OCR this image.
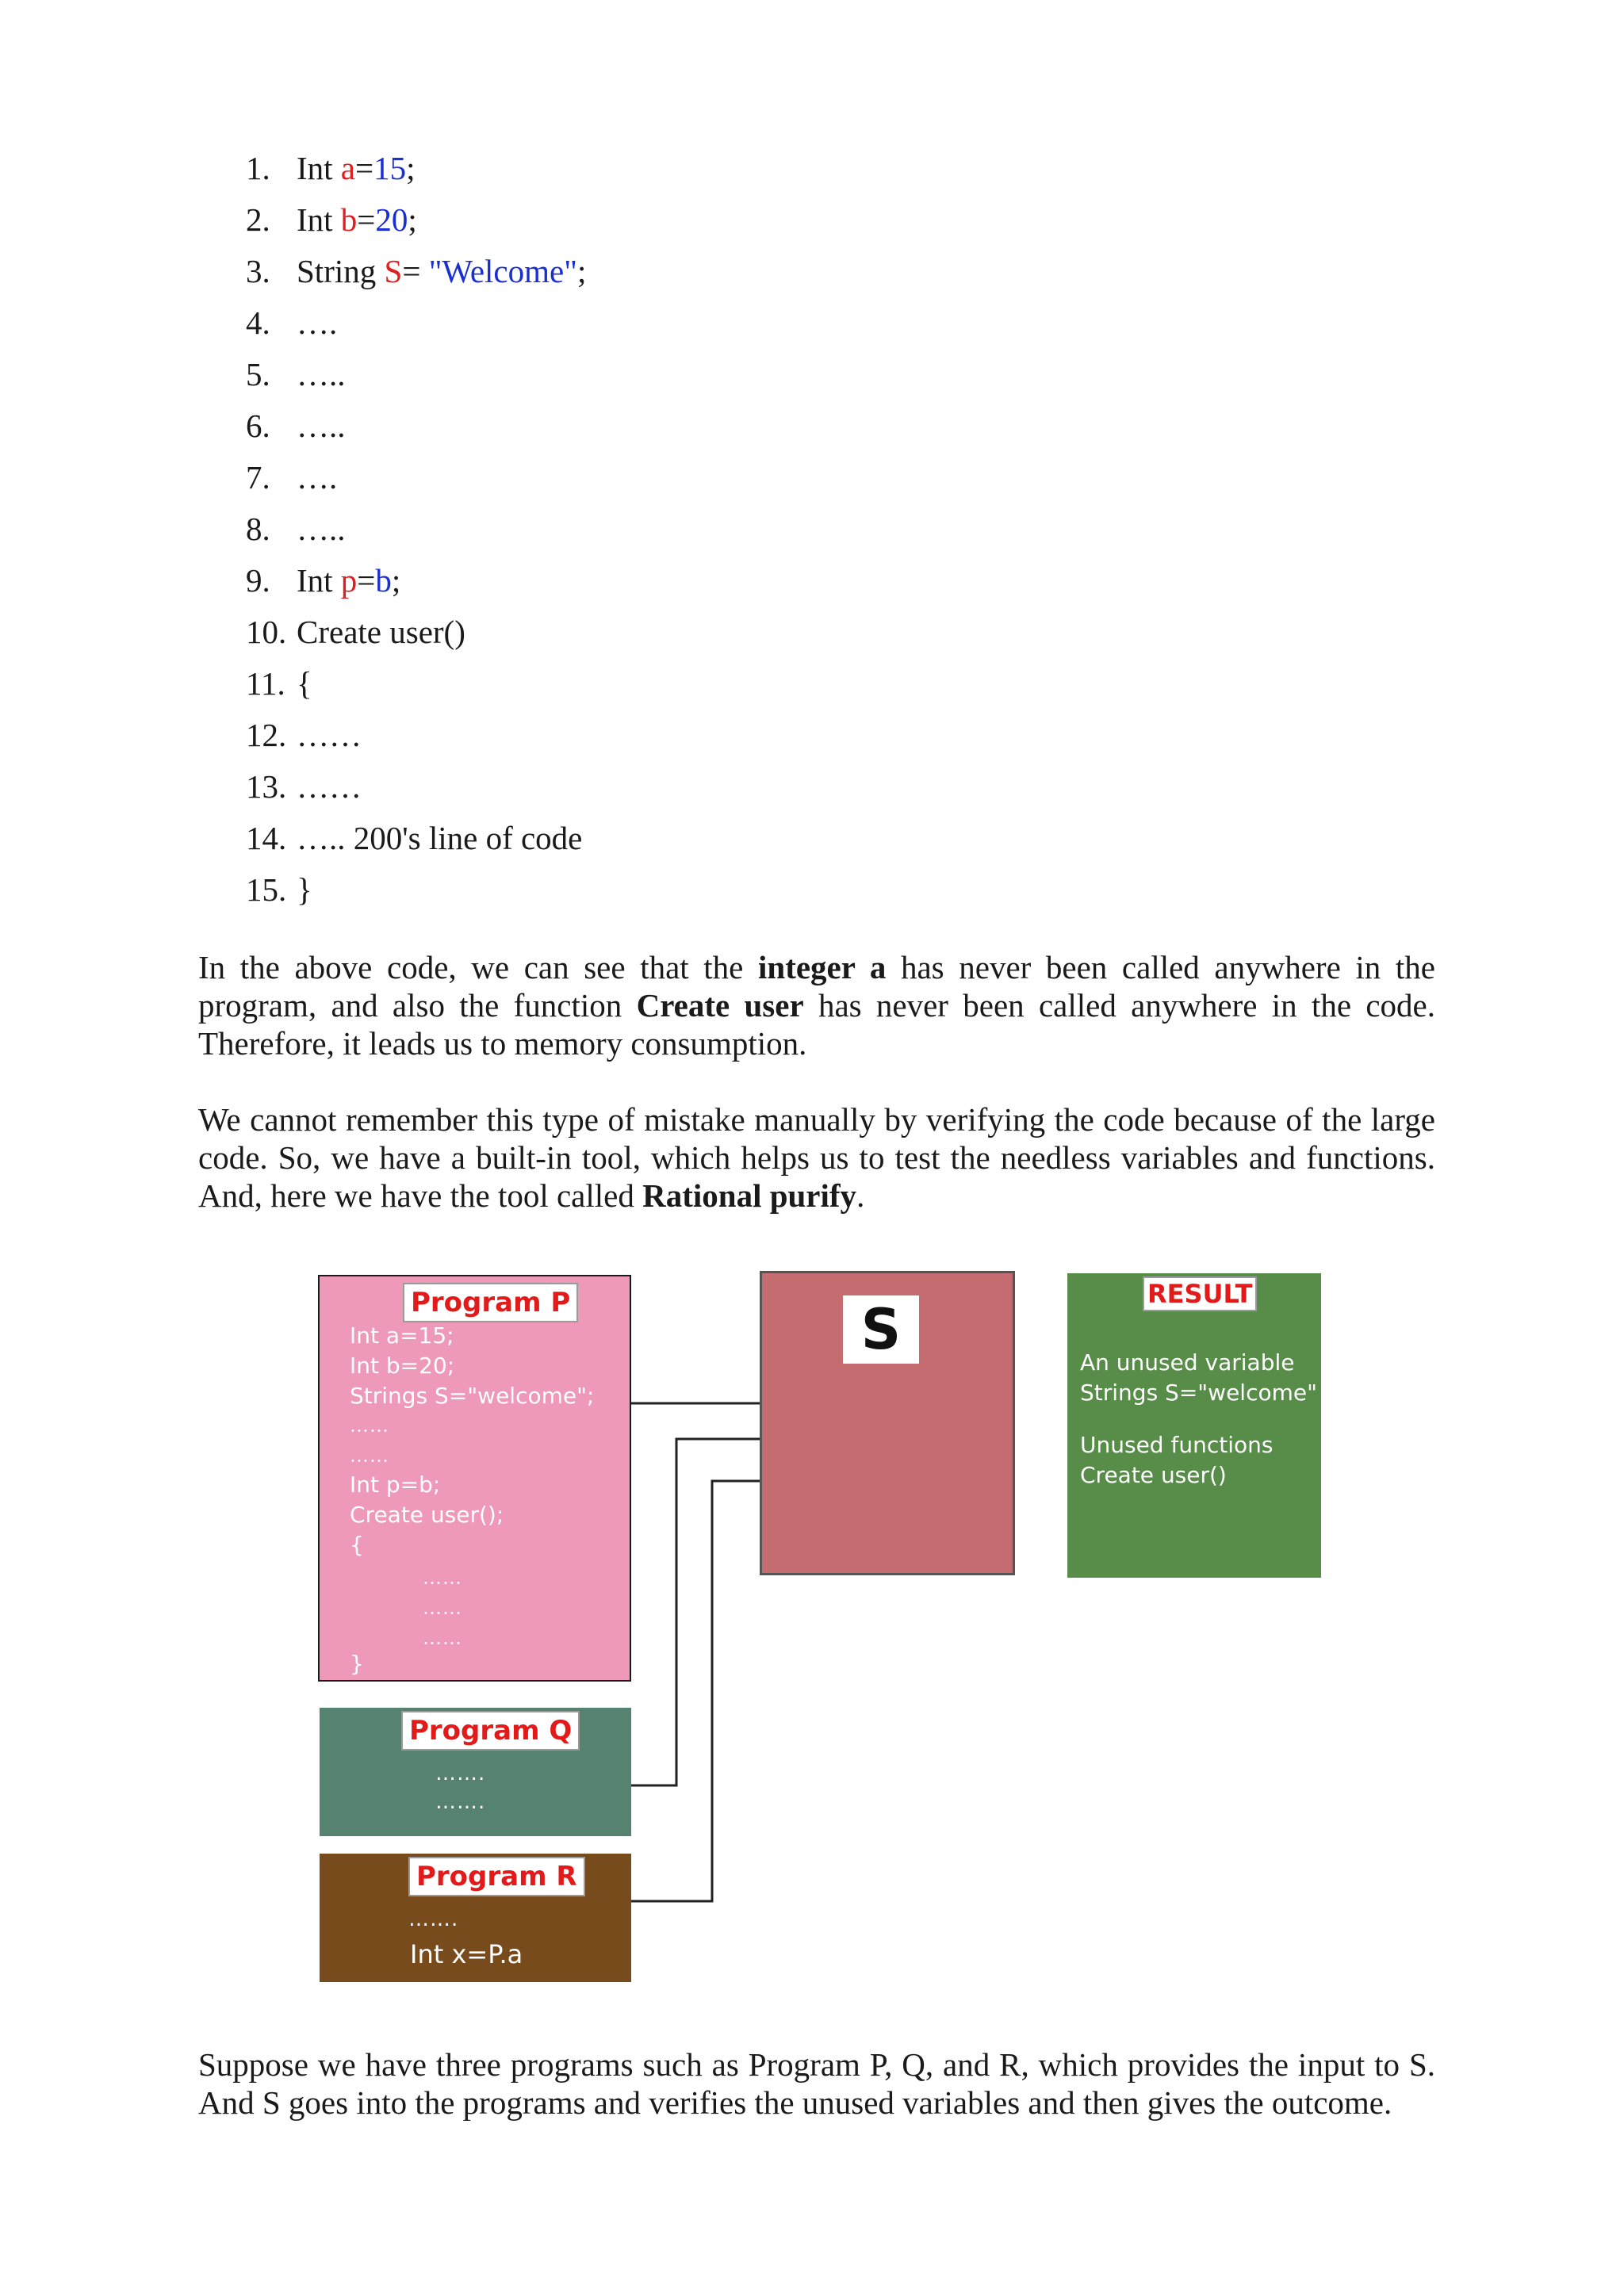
1. Int a=15;
2. Int b=20;
3. String S= "Welcome";
4. ….
5. …..
6. …..
7. ….
8. …..
9. Int p=b;
10. Create user()
11. {
12. ……
13. ……
14. ….. 200's line of code
15. }

In the above code, we can see that the integer a has never been called anywhere in the program, and also the function Create user has never been called anywhere in the code. Therefore, it leads us to memory consumption.

We cannot remember this type of mistake manually by verifying the code because of the large code. So, we have a built-in tool, which helps us to test the needless variables and functions. And, here we have the tool called Rational purify.

Program P
Int a=15;
Int b=20;
Strings S="welcome";
……
……
Int p=b;
Create user();
{
……
……
……
}
Program Q
…….
…….
Program R
…….
Int x=P.a
S
RESULT
An unused variable
Strings S="welcome"
Unused functions
Create user()

Suppose we have three programs such as Program P, Q, and R, which provides the input to S. And S goes into the programs and verifies the unused variables and then gives the outcome.
